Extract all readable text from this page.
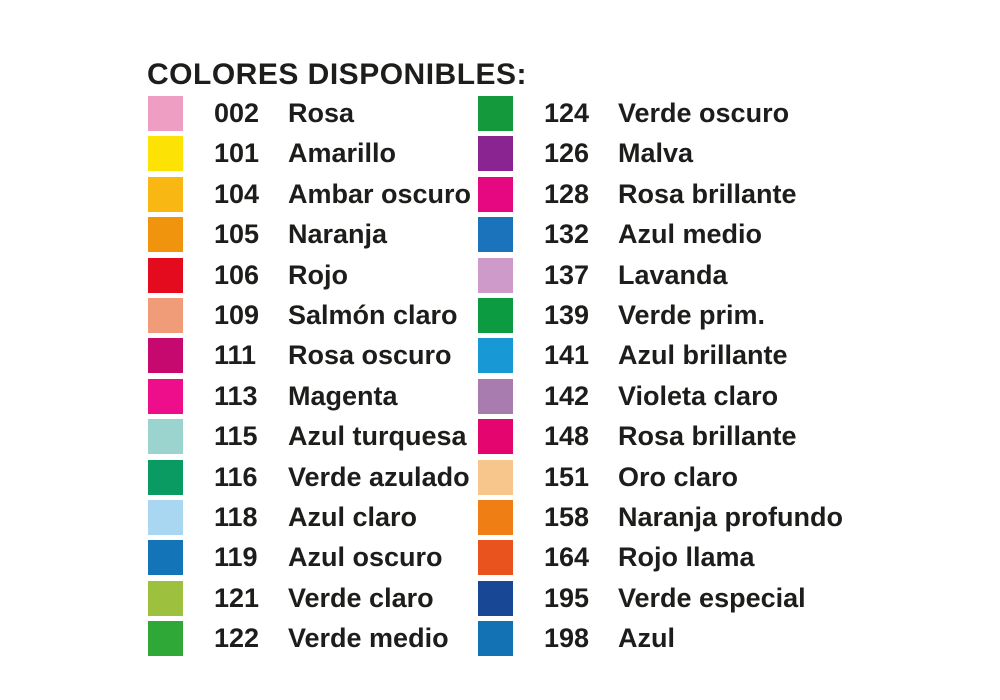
COLORES DISPONIBLES:
002	Rosa
101	Amarillo
104	Ambar oscuro
105	Naranja
106	Rojo
109	Salmón claro
111	Rosa oscuro
113	Magenta
115	Azul turquesa
116	Verde azulado
118	Azul claro
119	Azul oscuro
121	Verde claro
122	Verde medio
124	Verde oscuro
126	Malva
128	Rosa brillante
132	Azul medio
137	Lavanda
139	Verde prim.
141	Azul brillante
142	Violeta claro
148	Rosa brillante
151	Oro claro
158	Naranja profundo
164	Rojo llama
195	Verde especial
198	Azul
